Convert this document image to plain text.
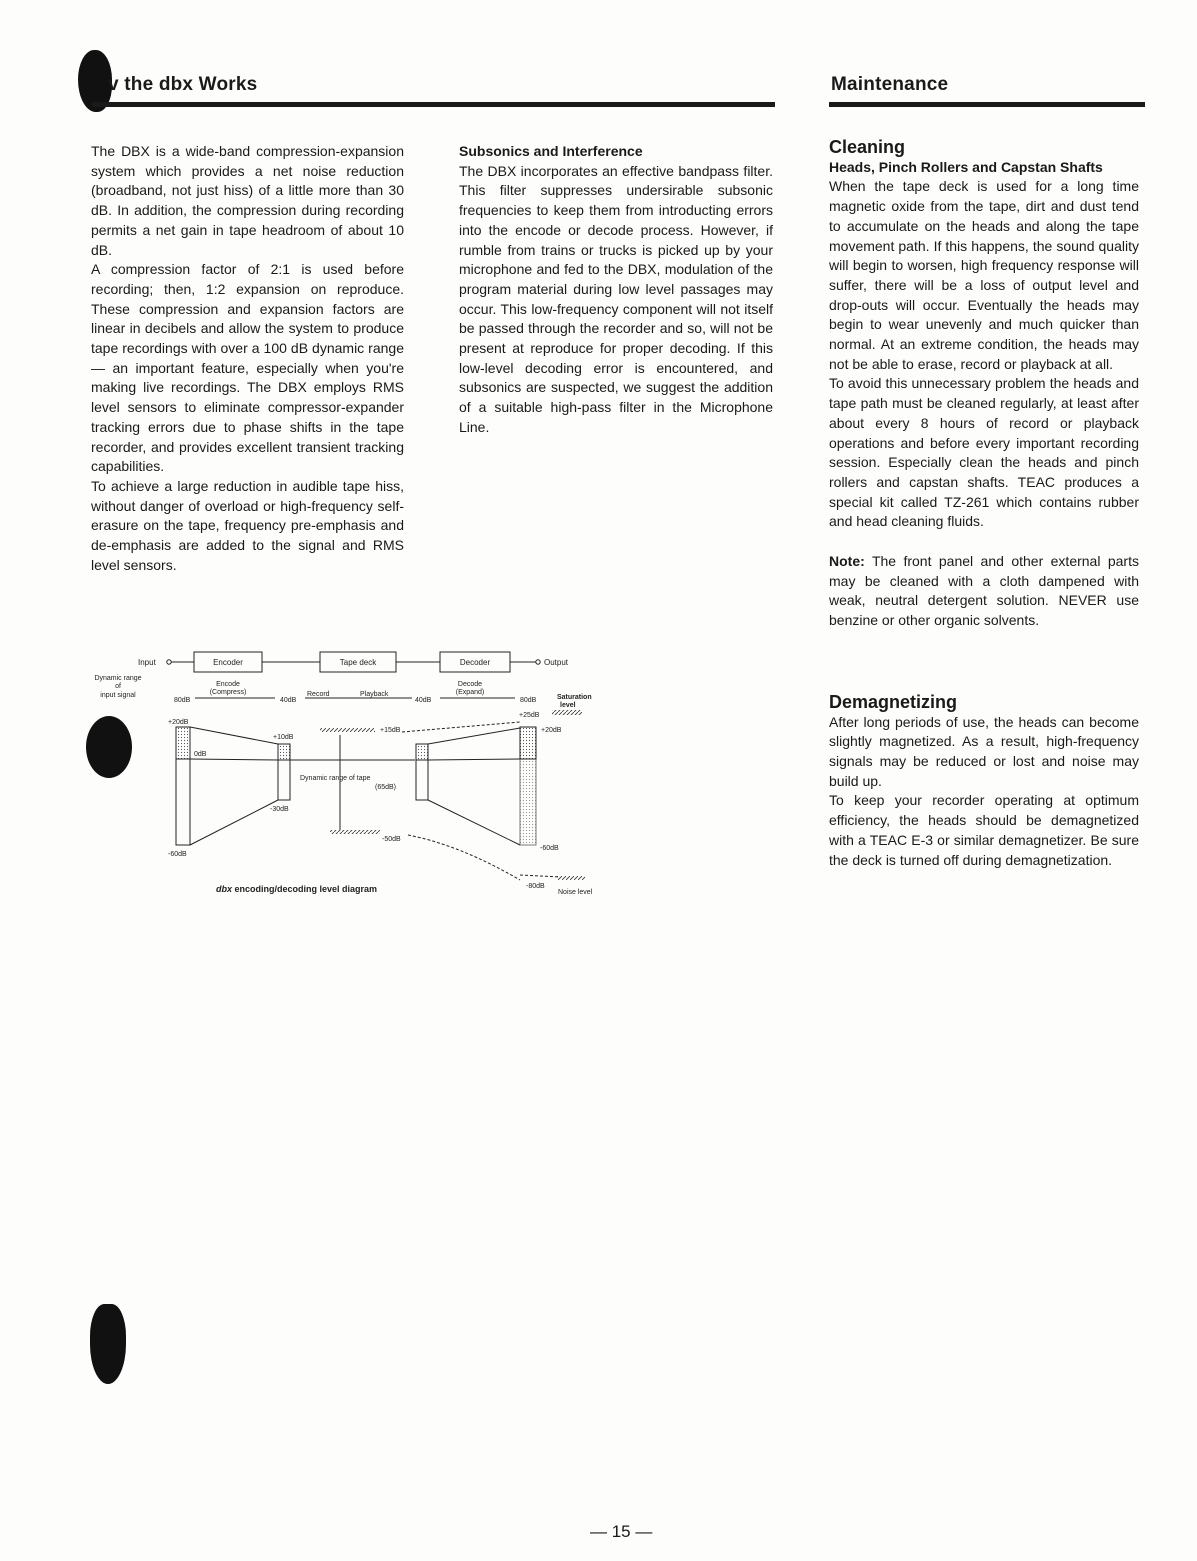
v the dbx Works	Maintenance

The DBX is a wide-band compression-expansion system which provides a net noise reduction (broadband, not just hiss) of a little more than 30 dB. In addition, the compression during recording permits a net gain in tape headroom of about 10 dB.

A compression factor of 2:1 is used before recording; then, 1:2 expansion on reproduce. These compression and expansion factors are linear in decibels and allow the system to produce tape recordings with over a 100 dB dynamic range — an important feature, especially when you're making live recordings. The DBX employs RMS level sensors to eliminate compressor-expander tracking errors due to phase shifts in the tape recorder, and provides excellent transient tracking capabilities.

To achieve a large reduction in audible tape hiss, without danger of overload or high-frequency self-erasure on the tape, frequency pre-emphasis and de-emphasis are added to the signal and RMS level sensors.

Subsonics and Interference

The DBX incorporates an effective bandpass filter. This filter suppresses undersirable subsonic frequencies to keep them from introducting errors into the encode or decode process. However, if rumble from trains or trucks is picked up by your microphone and fed to the DBX, modulation of the program material during low level passages may occur. This low-frequency component will not itself be passed through the recorder and so, will not be present at reproduce for proper decoding. If this low-level decoding error is encountered, and subsonics are suspected, we suggest the addition of a suitable high-pass filter in the Microphone Line.

Cleaning

Heads, Pinch Rollers and Capstan Shafts

When the tape deck is used for a long time magnetic oxide from the tape, dirt and dust tend to accumulate on the heads and along the tape movement path. If this happens, the sound quality will begin to worsen, high frequency response will suffer, there will be a loss of output level and drop-outs will occur. Eventually the heads may begin to wear unevenly and much quicker than normal. At an extreme condition, the heads may not be able to erase, record or playback at all.

To avoid this unnecessary problem the heads and tape path must be cleaned regularly, at least after about every 8 hours of record or playback operations and before every important recording session. Especially clean the heads and pinch rollers and capstan shafts. TEAC produces a special kit called TZ-261 which contains rubber and head cleaning fluids.

Note: The front panel and other external parts may be cleaned with a cloth dampened with weak, neutral detergent solution. NEVER use benzine or other organic solvents.

Demagnetizing

After long periods of use, the heads can become slightly magnetized. As a result, high-frequency signals may be reduced or lost and noise may build up.

To keep your recorder operating at optimum efficiency, the heads should be demagnetized with a TEAC E-3 or similar demagnetizer. Be sure the deck is turned off during demagnetization.

Input	Encoder	Tape deck	Decoder	Output
Dynamic range
of
input signal
80dB
Encode
(Compress)
40dB
Record	Playback
40dB
Decode
(Expand)
80dB	Saturation
level
+25dB
+20dB
0dB
-60dB
+10dB
-30dB
+15dB
Dynamic range of tape
(65dB)
-50dB
+20dB
-60dB
-80dB
Noise level
dbx encoding/decoding level diagram
— 15 —
